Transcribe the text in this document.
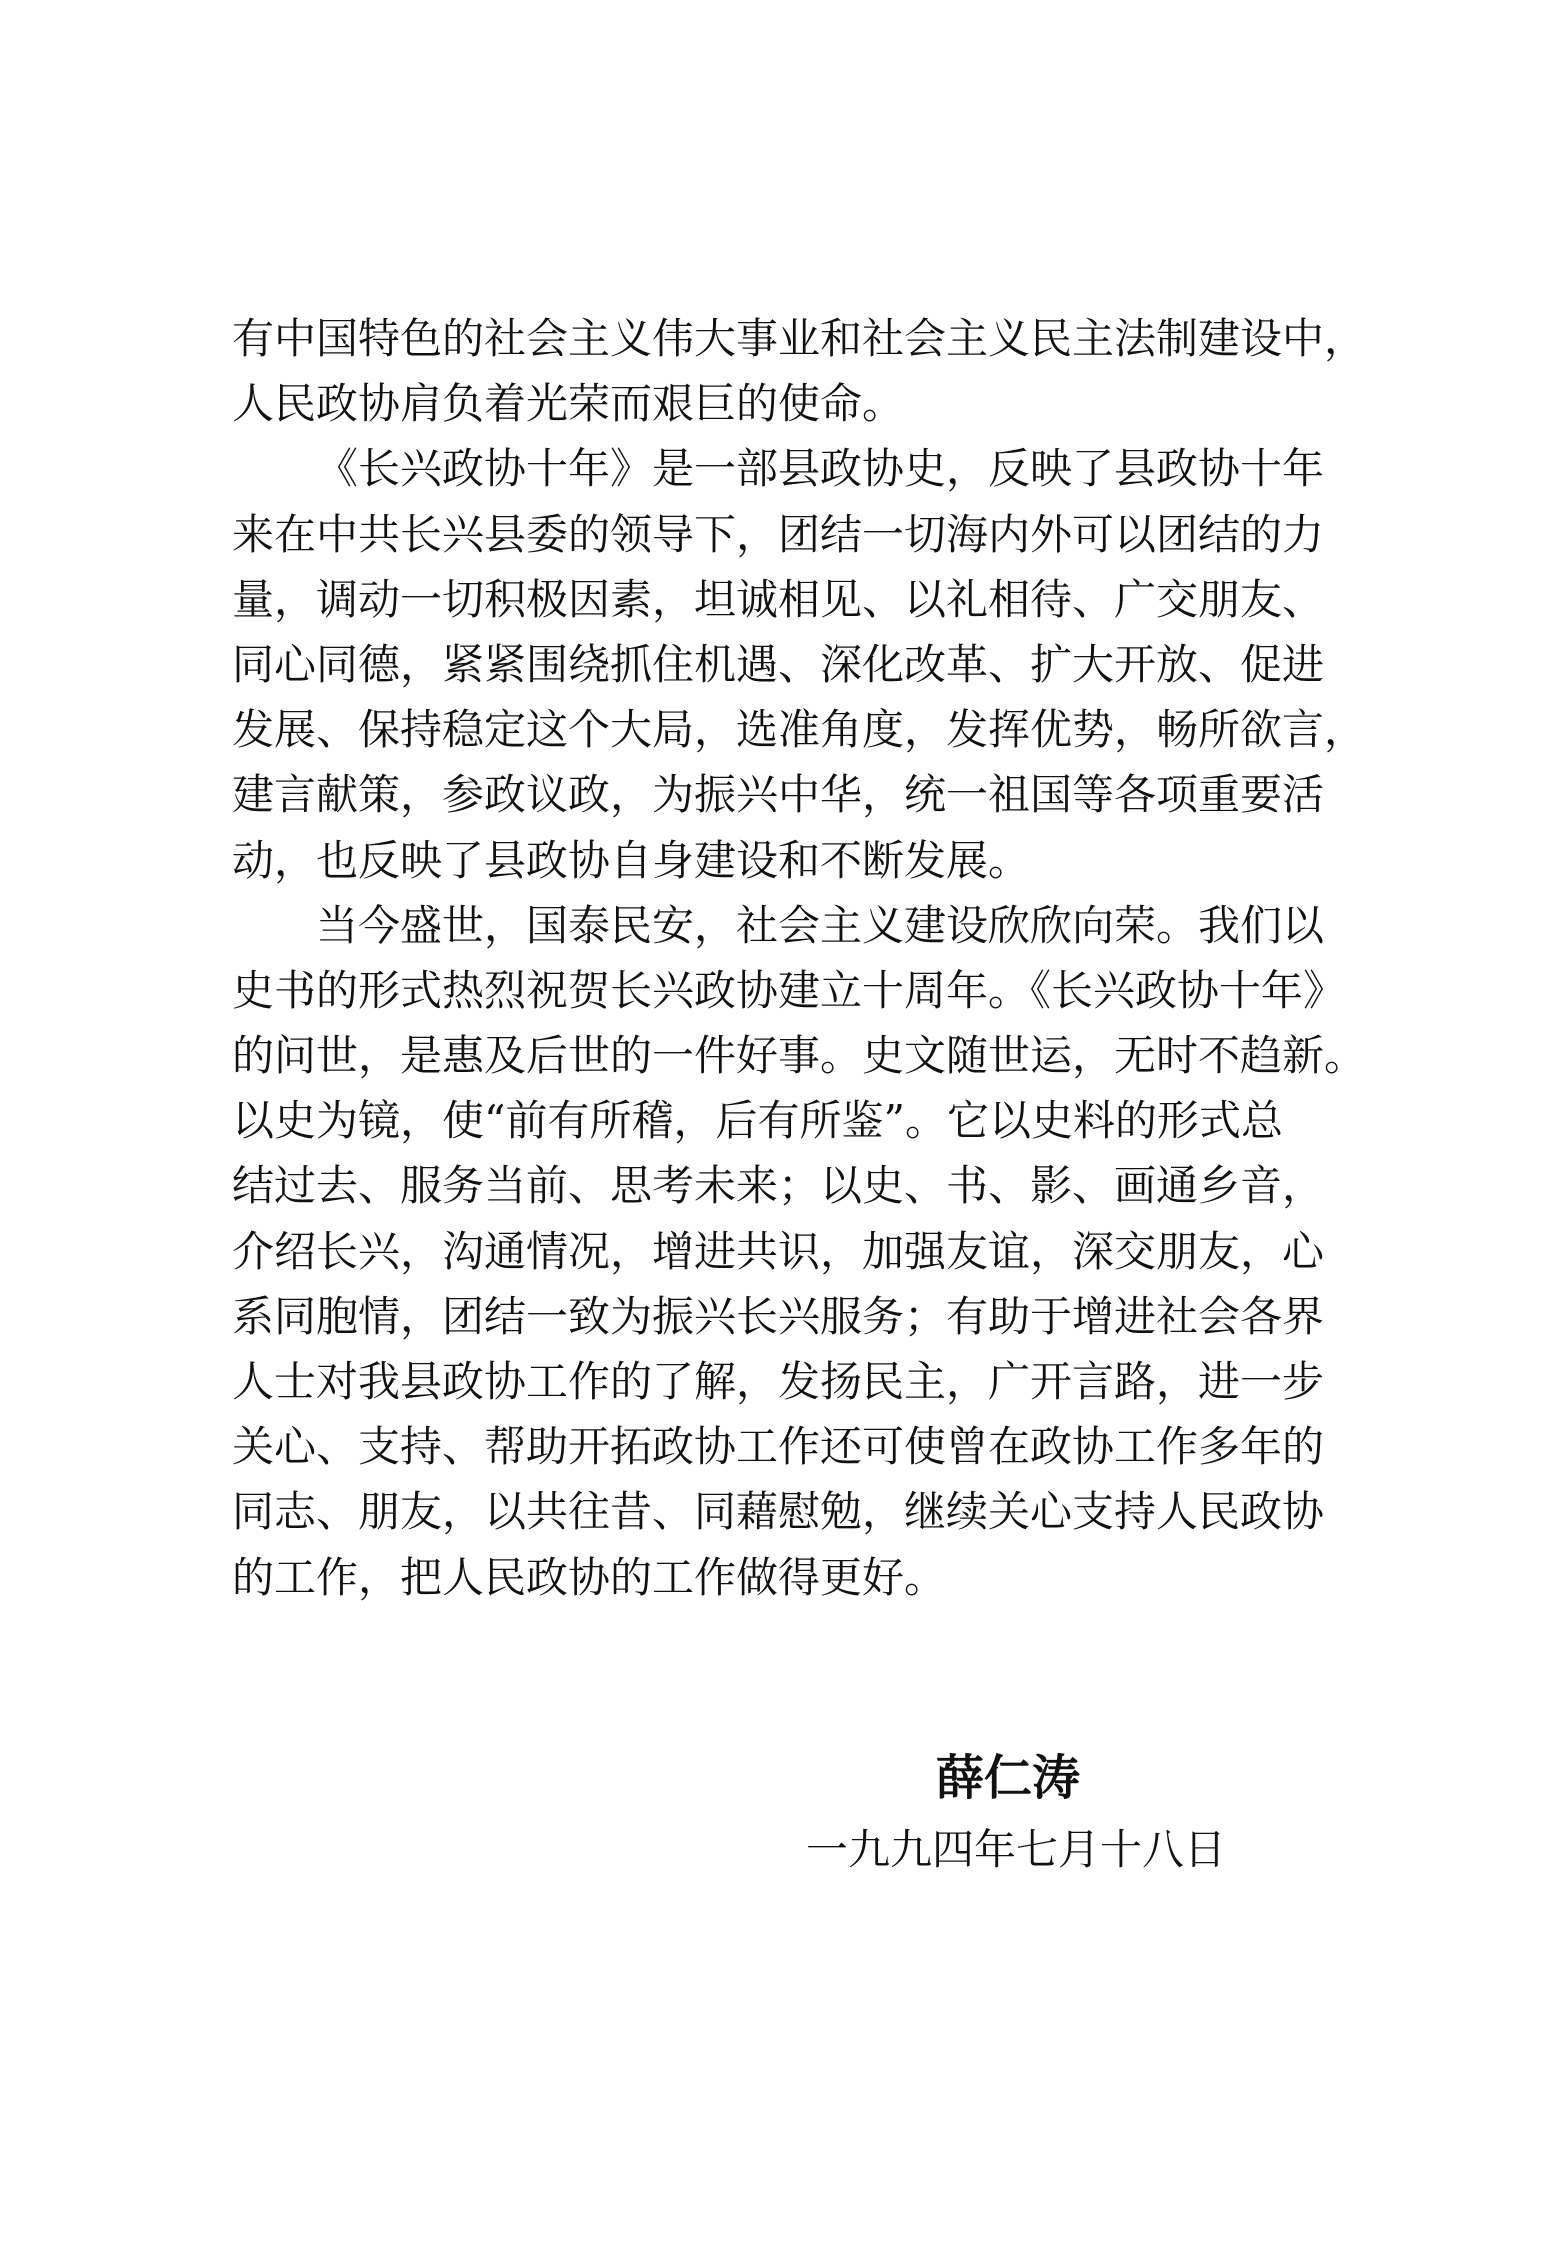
有中国特色的社会主义伟大事业和社会主义民主法制建设中，
人民政协肩负着光荣而艰巨的使命。
《长兴政协十年》是一部县政协史，反映了县政协十年
来在中共长兴县委的领导下，团结一切海内外可以团结的力
量，调动一切积极因素，坦诚相见、以礼相待、广交朋友、
同心同德，紧紧围绕抓住机遇、深化改革、扩大开放、促进
发展、保持稳定这个大局，选准角度，发挥优势，畅所欲言，
建言献策，参政议政，为振兴中华，统一祖国等各项重要活
动，也反映了县政协自身建设和不断发展。
当今盛世，国泰民安，社会主义建设欣欣向荣。我们以
史书的形式热烈祝贺长兴政协建立十周年。《长兴政协十年》
的问世，是惠及后世的一件好事。史文随世运，无时不趋新。
以史为镜，使“前有所稽，后有所鉴”。它以史料的形式总
结过去、服务当前、思考未来；以史、书、影、画通乡音，
介绍长兴，沟通情况，增进共识，加强友谊，深交朋友，心
系同胞情，团结一致为振兴长兴服务；有助于增进社会各界
人士对我县政协工作的了解，发扬民主，广开言路，进一步
关心、支持、帮助开拓政协工作还可使曾在政协工作多年的
同志、朋友，以共往昔、同藉慰勉，继续关心支持人民政协
的工作，把人民政协的工作做得更好。
薛仁涛
一九九四年七月十八日
